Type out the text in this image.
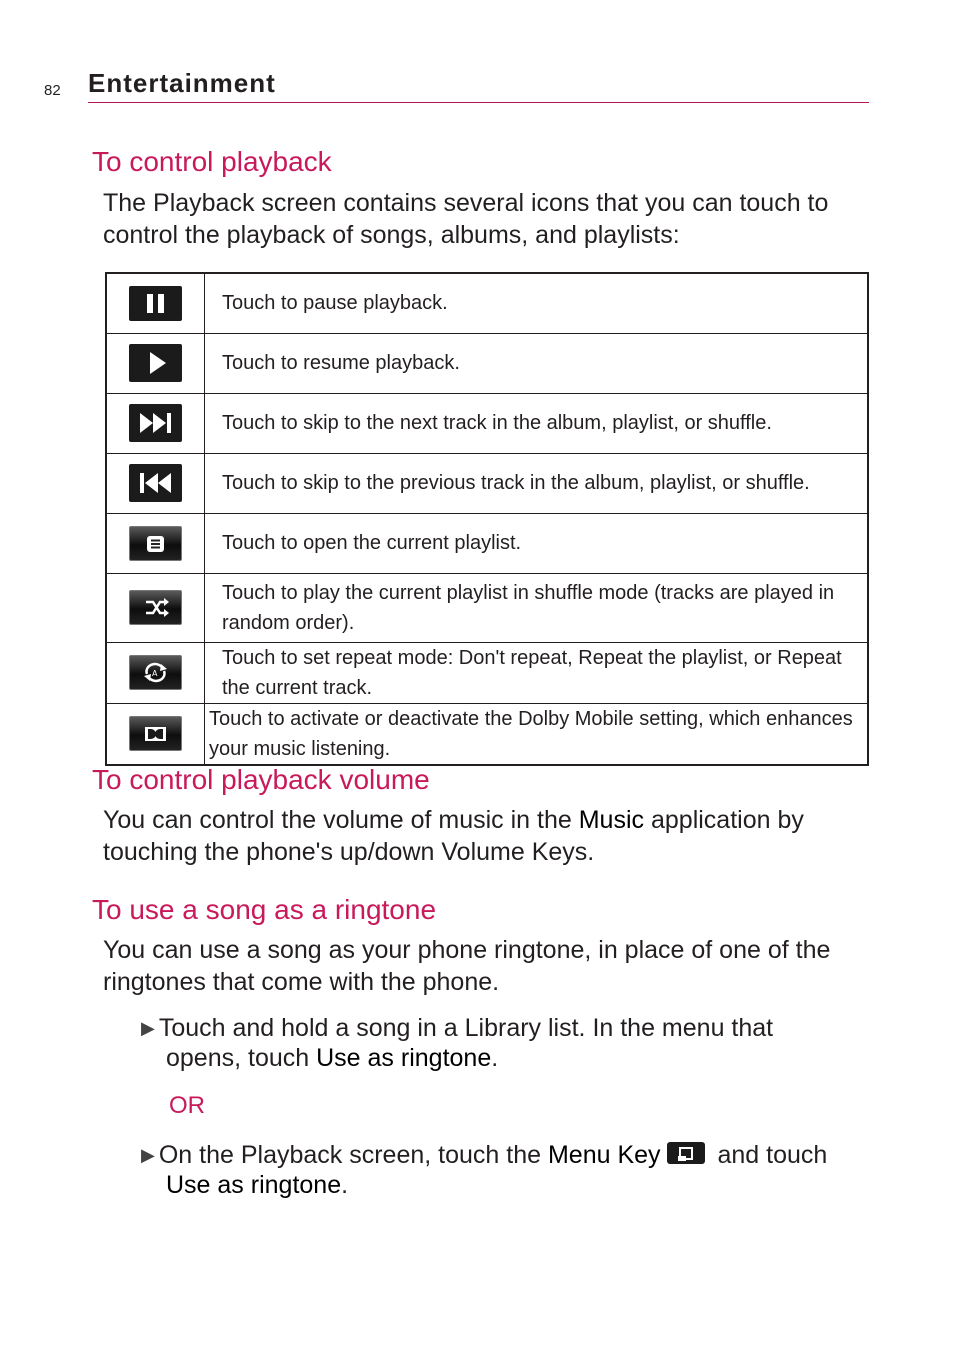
82 Entertainment
To control playback

The Playback screen contains several icons that you can touch to control the playback of songs, albums, and playlists:

	Touch to pause playback.

	Touch to resume playback.

	Touch to skip to the next track in the album, playlist, or shuffle.

	Touch to skip to the previous track in the album, playlist, or shuffle.

	Touch to open the current playlist.

	Touch to play the current playlist in shuffle mode (tracks are played in random order).

A	Touch to set repeat mode: Don't repeat, Repeat the playlist, or Repeat the current track.

	Touch to activate or deactivate the Dolby Mobile setting, which enhances your music listening.
To control playback volume

You can control the volume of music in the Music application by touching the phone's up/down Volume Keys.

To use a song as a ringtone

You can use a song as your phone ringtone, in place of one of the ringtones that come with the phone.

▶ Touch and hold a song in a Library list. In the menu that
opens, touch Use as ringtone.

OR

▶ On the Playback screen, touch the Menu Key and touch
Use as ringtone.
